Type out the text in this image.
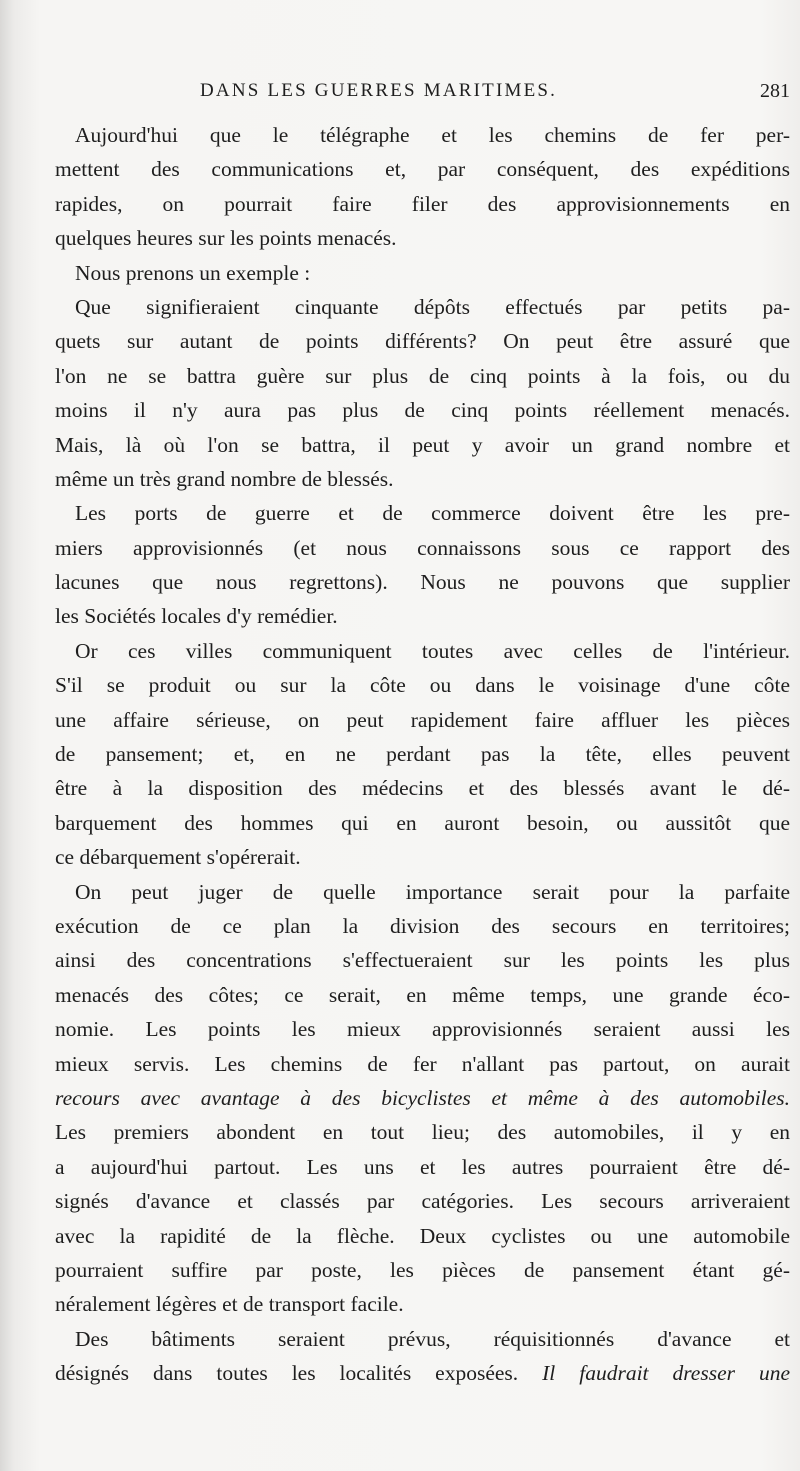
DANS LES GUERRES MARITIMES.	281
Aujourd'hui que le télégraphe et les chemins de fer per-
mettent des communications et, par conséquent, des expéditions
rapides, on pourrait faire filer des approvisionnements en
quelques heures sur les points menacés.
Nous prenons un exemple :
Que signifieraient cinquante dépôts effectués par petits pa-
quets sur autant de points différents? On peut être assuré que
l'on ne se battra guère sur plus de cinq points à la fois, ou du
moins il n'y aura pas plus de cinq points réellement menacés.
Mais, là où l'on se battra, il peut y avoir un grand nombre et
même un très grand nombre de blessés.
Les ports de guerre et de commerce doivent être les pre-
miers approvisionnés (et nous connaissons sous ce rapport des
lacunes que nous regrettons). Nous ne pouvons que supplier
les Sociétés locales d'y remédier.
Or ces villes communiquent toutes avec celles de l'intérieur.
S'il se produit ou sur la côte ou dans le voisinage d'une côte
une affaire sérieuse, on peut rapidement faire affluer les pièces
de pansement; et, en ne perdant pas la tête, elles peuvent
être à la disposition des médecins et des blessés avant le dé-
barquement des hommes qui en auront besoin, ou aussitôt que
ce débarquement s'opérerait.
On peut juger de quelle importance serait pour la parfaite
exécution de ce plan la division des secours en territoires;
ainsi des concentrations s'effectueraient sur les points les plus
menacés des côtes; ce serait, en même temps, une grande éco-
nomie. Les points les mieux approvisionnés seraient aussi les
mieux servis. Les chemins de fer n'allant pas partout, on aurait
recours avec avantage à des bicyclistes et même à des automobiles.
Les premiers abondent en tout lieu; des automobiles, il y en
a aujourd'hui partout. Les uns et les autres pourraient être dé-
signés d'avance et classés par catégories. Les secours arriveraient
avec la rapidité de la flèche. Deux cyclistes ou une automobile
pourraient suffire par poste, les pièces de pansement étant gé-
néralement légères et de transport facile.
Des bâtiments seraient prévus, réquisitionnés d'avance et
désignés dans toutes les localités exposées. Il faudrait dresser une
